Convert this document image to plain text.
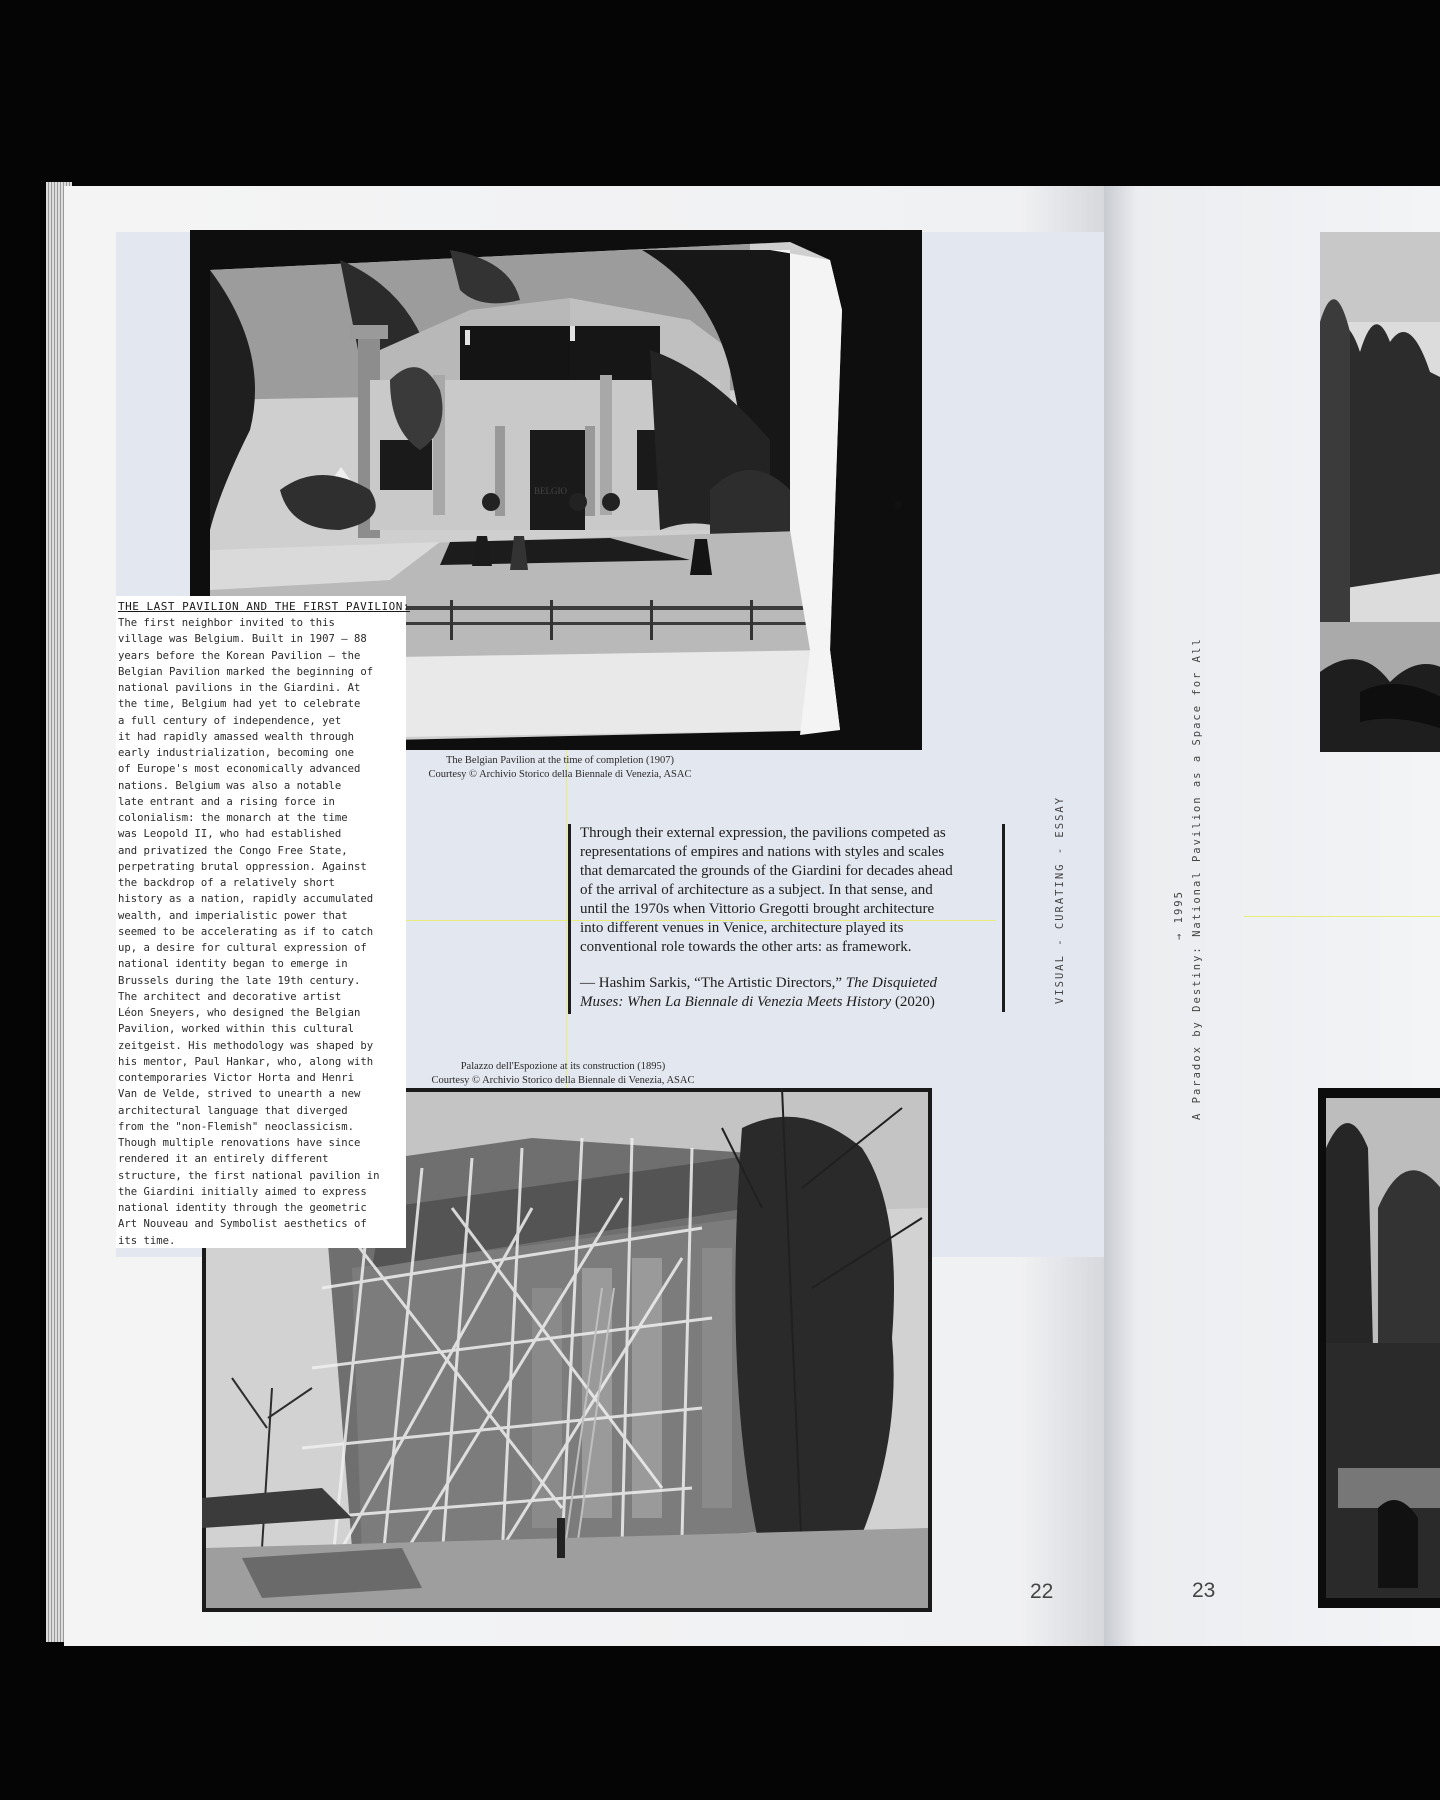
BELGIO
THE LAST PAVILION AND THE FIRST PAVILION:
The first neighbor invited to this
village was Belgium. Built in 1907 — 88
years before the Korean Pavilion — the
Belgian Pavilion marked the beginning of
national pavilions in the Giardini. At
the time, Belgium had yet to celebrate
a full century of independence, yet
it had rapidly amassed wealth through
early industrialization, becoming one
of Europe's most economically advanced
nations. Belgium was also a notable
late entrant and a rising force in
colonialism: the monarch at the time
was Leopold II, who had established
and privatized the Congo Free State,
perpetrating brutal oppression. Against
the backdrop of a relatively short
history as a nation, rapidly accumulated
wealth, and imperialistic power that
seemed to be accelerating as if to catch
up, a desire for cultural expression of
national identity began to emerge in
Brussels during the late 19th century.
The architect and decorative artist
Léon Sneyers, who designed the Belgian
Pavilion, worked within this cultural
zeitgeist. His methodology was shaped by
his mentor, Paul Hankar, who, along with
contemporaries Victor Horta and Henri
Van de Velde, strived to unearth a new
architectural language that diverged
from the "non-Flemish" neoclassicism.
Though multiple renovations have since
rendered it an entirely different
structure, the first national pavilion in
the Giardini initially aimed to express
national identity through the geometric
Art Nouveau and Symbolist aesthetics of
its time.
The Belgian Pavilion at the time of completion (1907)
Courtesy © Archivio Storico della Biennale di Venezia, ASAC
Palazzo dell'Espozione at its construction (1895)
Courtesy © Archivio Storico della Biennale di Venezia, ASAC

Through their external expression, the pavilions competed as
representations of empires and nations with styles and scales
that demarcated the grounds of the Giardini for decades ahead
of the arrival of architecture as a subject. In that sense, and
until the 1970s when Vittorio Gregotti brought architecture
into different venues in Venice, architecture played its
conventional role towards the other arts: as framework.

— Hashim Sarkis, “The Artistic Directors,” The Disquieted
Muses: When La Biennale di Venezia Meets History (2020)	VISUAL - CURATING - ESSAY	→ 1995 A Paradox by Destiny: National Pavilion as a Space for All
22	23
